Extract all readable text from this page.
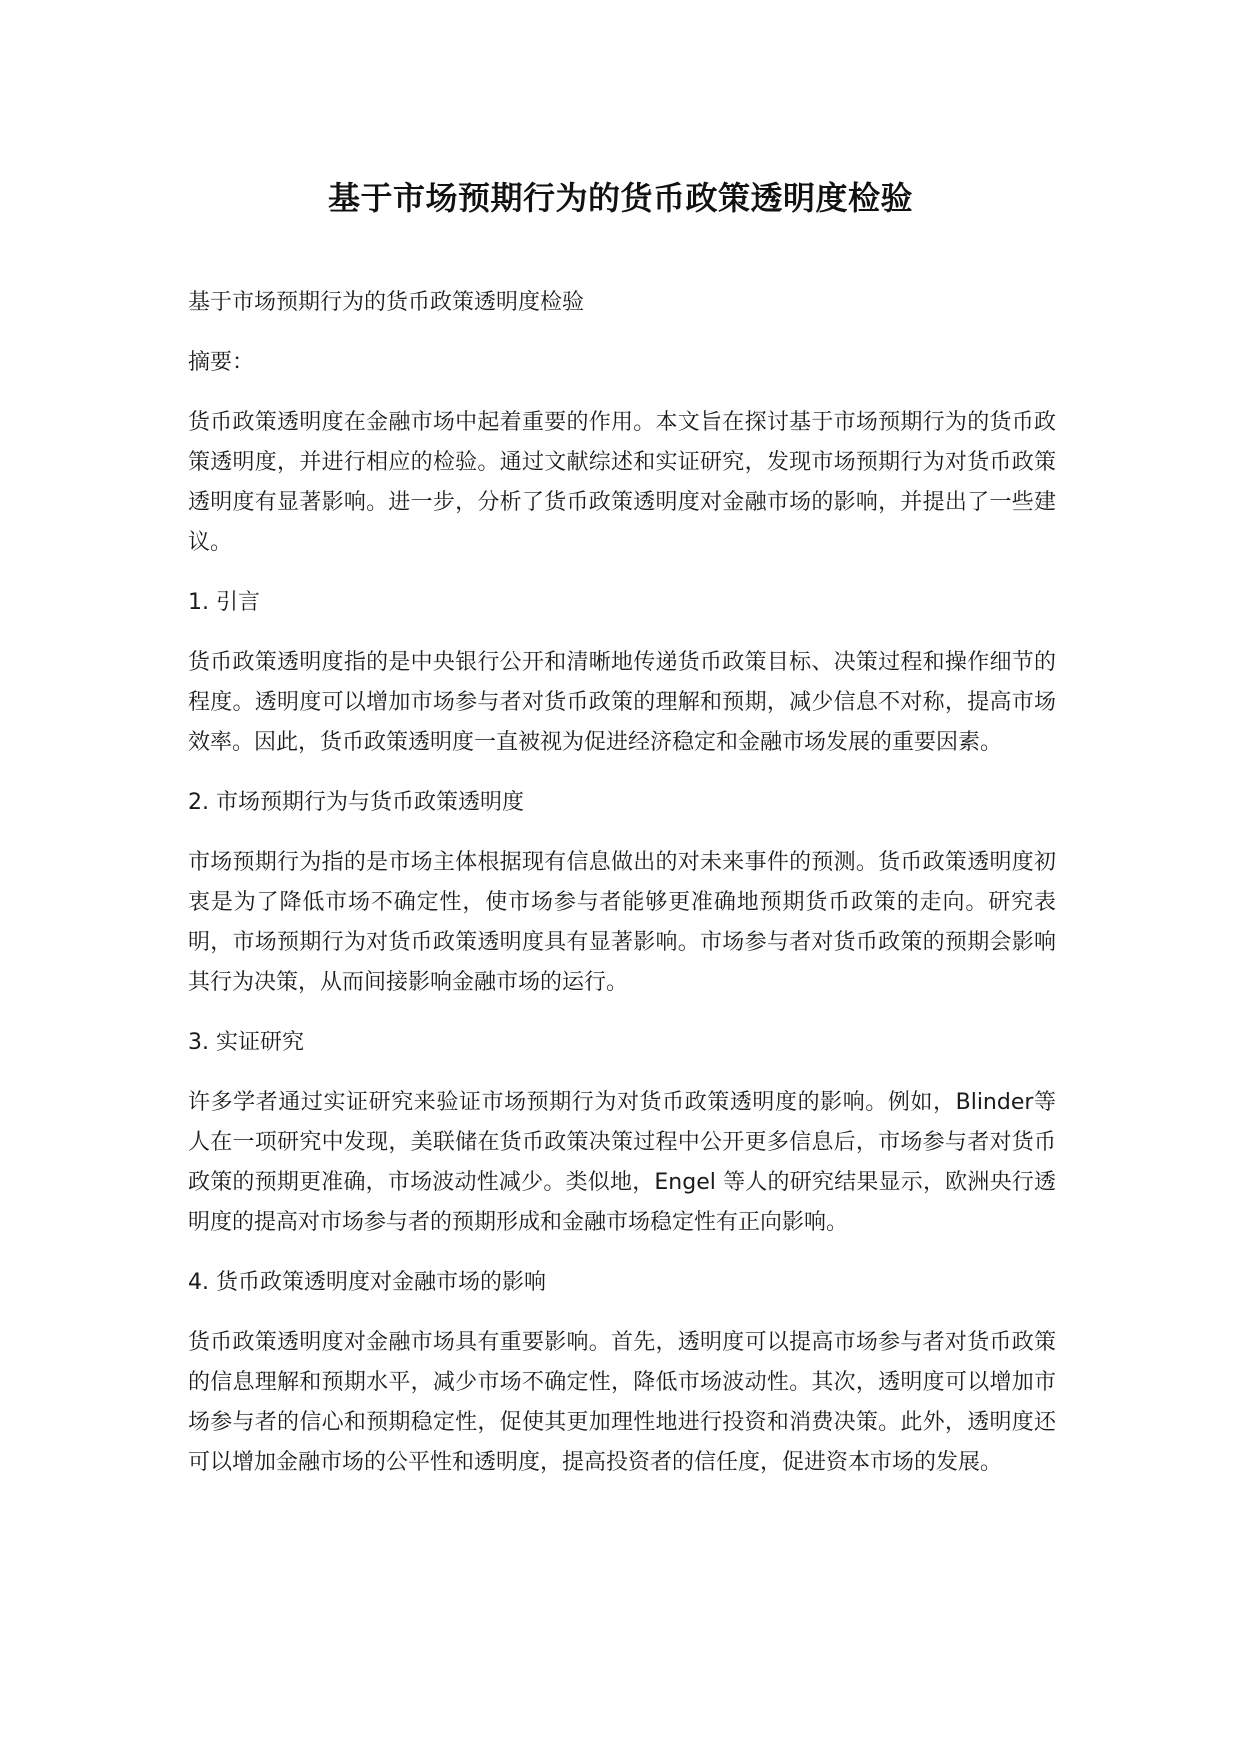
基于市场预期行为的货币政策透明度检验

基于市场预期行为的货币政策透明度检验

摘要：

货币政策透明度在金融市场中起着重要的作用。本文旨在探讨基于市场预期行为的货币政策透明度，并进行相应的检验。通过文献综述和实证研究，发现市场预期行为对货币政策透明度有显著影响。进一步，分析了货币政策透明度对金融市场的影响，并提出了一些建议。

1. 引言

货币政策透明度指的是中央银行公开和清晰地传递货币政策目标、决策过程和操作细节的程度。透明度可以增加市场参与者对货币政策的理解和预期，减少信息不对称，提高市场效率。因此，货币政策透明度一直被视为促进经济稳定和金融市场发展的重要因素。

2. 市场预期行为与货币政策透明度

市场预期行为指的是市场主体根据现有信息做出的对未来事件的预测。货币政策透明度初衷是为了降低市场不确定性，使市场参与者能够更准确地预期货币政策的走向。研究表明，市场预期行为对货币政策透明度具有显著影响。市场参与者对货币政策的预期会影响其行为决策，从而间接影响金融市场的运行。

3. 实证研究

许多学者通过实证研究来验证市场预期行为对货币政策透明度的影响。例如，Blinder等人在一项研究中发现，美联储在货币政策决策过程中公开更多信息后，市场参与者对货币政策的预期更准确，市场波动性减少。类似地，Engel 等人的研究结果显示，欧洲央行透明度的提高对市场参与者的预期形成和金融市场稳定性有正向影响。

4. 货币政策透明度对金融市场的影响

货币政策透明度对金融市场具有重要影响。首先，透明度可以提高市场参与者对货币政策的信息理解和预期水平，减少市场不确定性，降低市场波动性。其次，透明度可以增加市场参与者的信心和预期稳定性，促使其更加理性地进行投资和消费决策。此外，透明度还可以增加金融市场的公平性和透明度，提高投资者的信任度，促进资本市场的发展。
